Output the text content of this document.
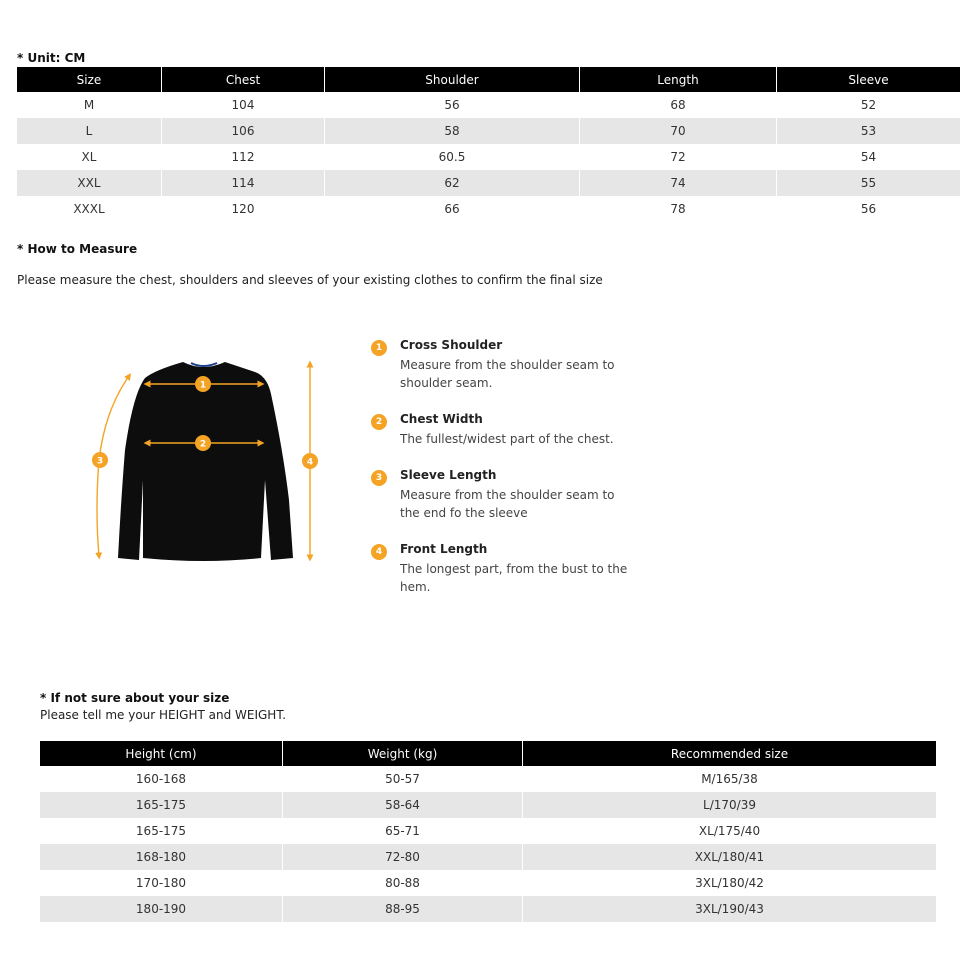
* Unit: CM
Size	Chest	Shoulder	Length	Sleeve
M	104	56	68	52
L	106	58	70	53
XL	112	60.5	72	54
XXL	114	62	74	55
XXXL	120	66	78	56
* How to Measure
Please measure the chest, shoulders and sleeves of your existing clothes to confirm the final size
1
2
3	4
1	Cross Shoulder
Measure from the shoulder seam to shoulder seam.
2	Chest Width
The fullest/widest part of the chest.
3	Sleeve Length
Measure from the shoulder seam to the end fo the sleeve
4	Front Length
The longest part, from the bust to the hem.
* If not sure about your size
Please tell me your HEIGHT and WEIGHT.
Height (cm)	Weight (kg)	Recommended size
160-168	50-57	M/165/38
165-175	58-64	L/170/39
165-175	65-71	XL/175/40
168-180	72-80	XXL/180/41
170-180	80-88	3XL/180/42
180-190	88-95	3XL/190/43
